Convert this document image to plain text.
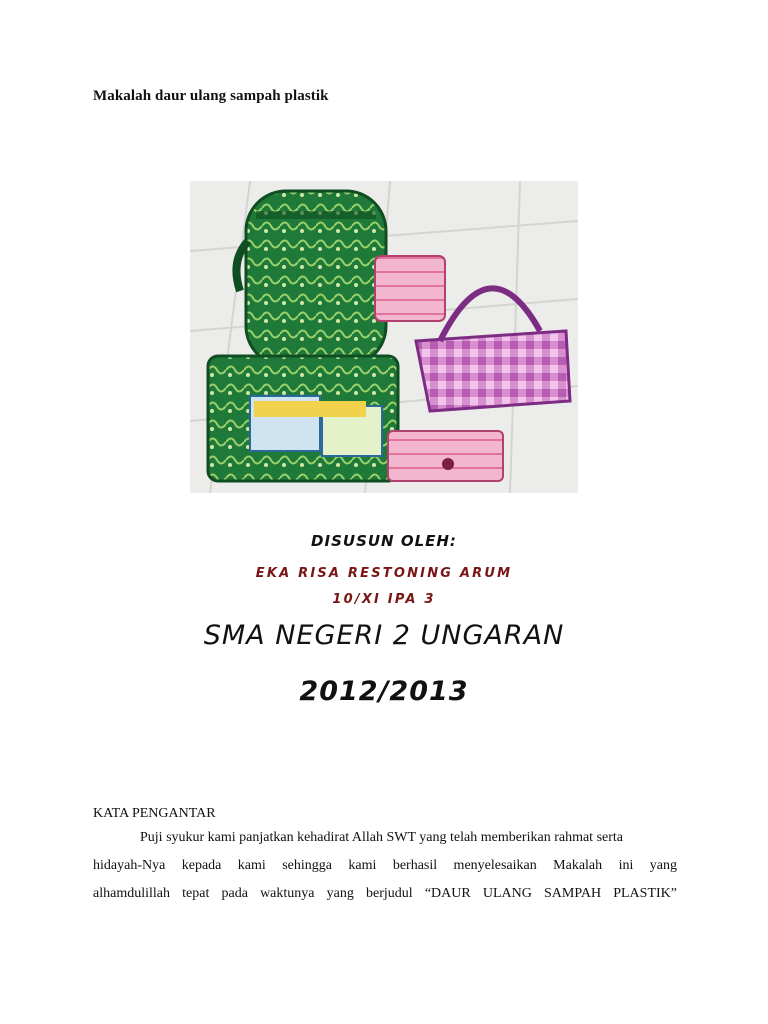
Makalah daur ulang sampah plastik
DISUSUN OLEH:
EKA RISA RESTONING ARUM
10/XI IPA 3
SMA NEGERI 2 UNGARAN
2012/2013
KATA PENGANTAR
Puji syukur kami panjatkan kehadirat Allah SWT yang telah memberikan rahmat serta
hidayah-Nya kepada kami sehingga kami berhasil menyelesaikan Makalah ini yang
alhamdulillah tepat pada waktunya yang berjudul “DAUR ULANG SAMPAH PLASTIK”
